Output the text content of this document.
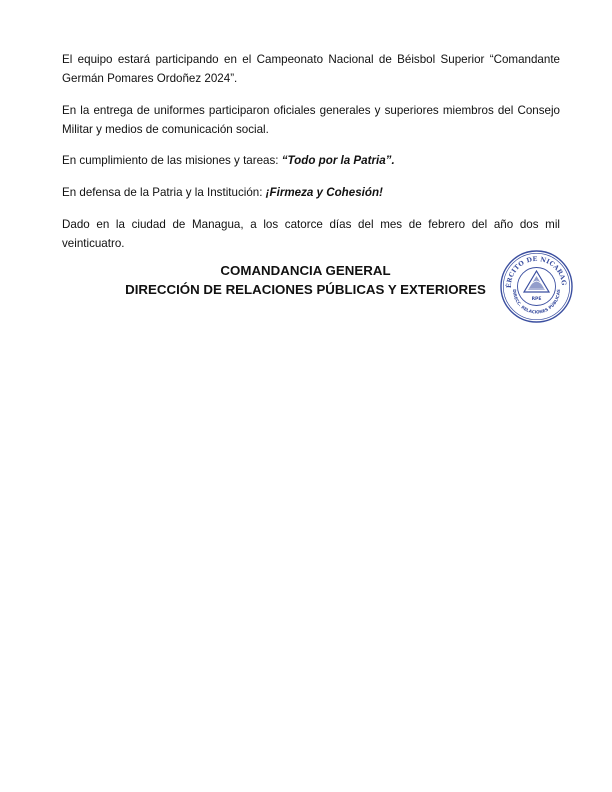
El equipo estará participando en el Campeonato Nacional de Béisbol Superior “Comandante Germán Pomares Ordoñez 2024”.

En la entrega de uniformes participaron oficiales generales y superiores miembros del Consejo Militar y medios de comunicación social.

En cumplimiento de las misiones y tareas: “Todo por la Patria”.

En defensa de la Patria y la Institución: ¡Firmeza y Cohesión!

Dado en la ciudad de Managua, a los catorce días del mes de febrero del año dos mil veinticuatro.

COMANDANCIA GENERAL

DIRECCIÓN DE RELACIONES PÚBLICAS Y EXTERIORES	ÉRCITO DE NICARAG
DIRECC. RELACIONES PÚBLICAS
RPE
